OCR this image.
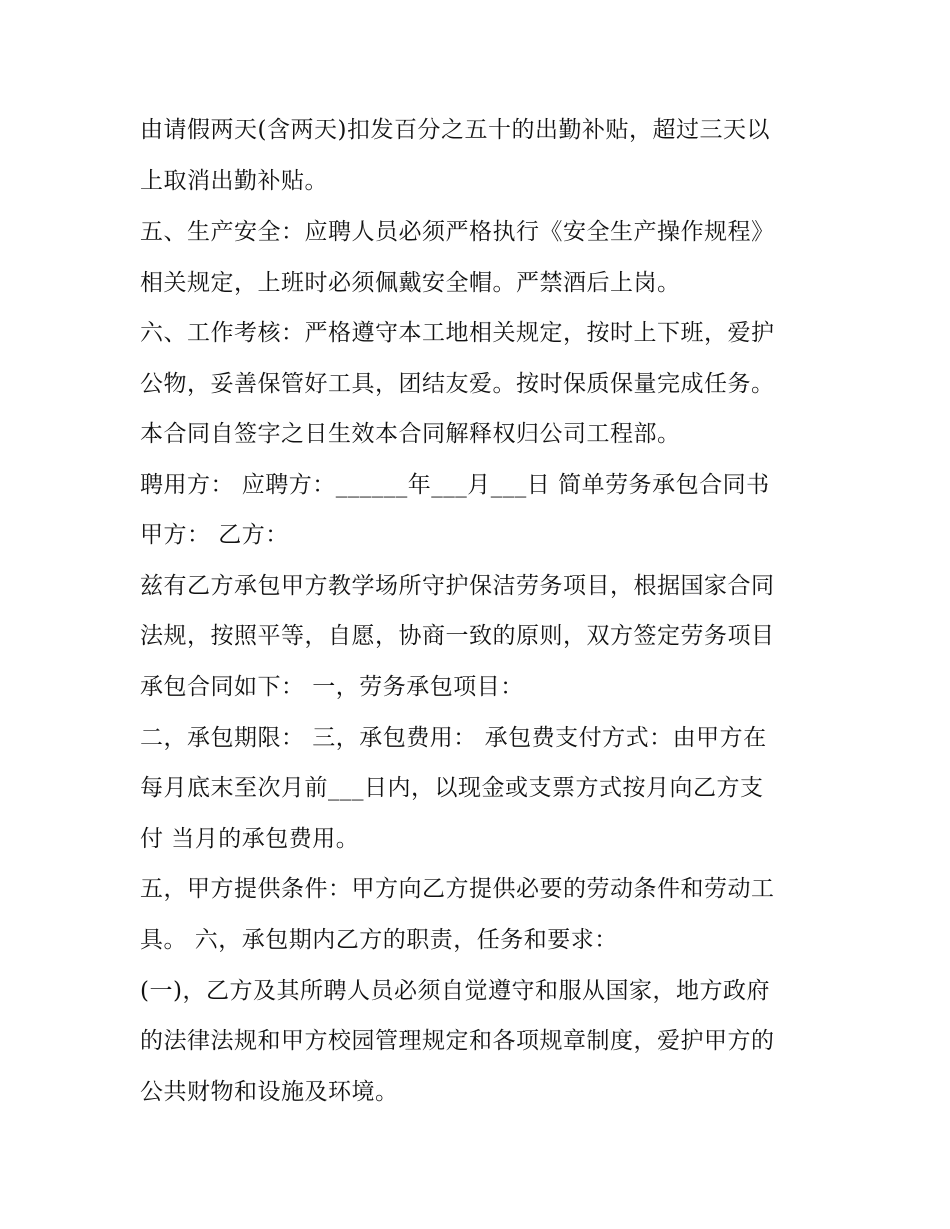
由请假两天(含两天)扣发百分之五十的出勤补贴，超过三天以
上取消出勤补贴。
五、生产安全：应聘人员必须严格执行《安全生产操作规程》
相关规定，上班时必须佩戴安全帽。严禁酒后上岗。
六、工作考核：严格遵守本工地相关规定，按时上下班，爱护
公物，妥善保管好工具，团结友爱。按时保质保量完成任务。
本合同自签字之日生效本合同解释权归公司工程部。
聘用方： 应聘方：______年___月___日 简单劳务承包合同书
甲方： 乙方：
兹有乙方承包甲方教学场所守护保洁劳务项目，根据国家合同
法规，按照平等，自愿，协商一致的原则，双方签定劳务项目
承包合同如下： 一，劳务承包项目：
二，承包期限： 三，承包费用： 承包费支付方式：由甲方在
每月底末至次月前___日内，以现金或支票方式按月向乙方支
付 当月的承包费用。
五，甲方提供条件：甲方向乙方提供必要的劳动条件和劳动工
具。 六，承包期内乙方的职责，任务和要求：
(一)，乙方及其所聘人员必须自觉遵守和服从国家，地方政府
的法律法规和甲方校园管理规定和各项规章制度，爱护甲方的
公共财物和设施及环境。
